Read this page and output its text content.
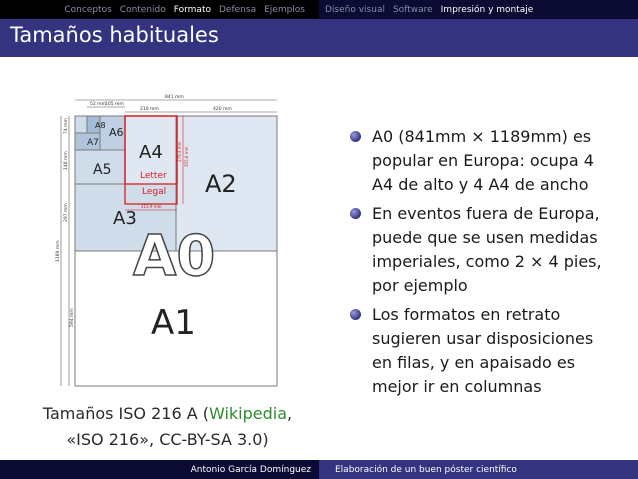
Conceptos Contenido Formato Defensa Ejemplos Diseño visual Software Impresión y montaje
Tamaños habituales
A8
A6
A7
A5
A4
Letter
Legal A2
A3
A0
A1
841 mm
52 mm 105 mm
210 mm	420 mm
1189 mm
74 mm
148 mm
297 mm
594 mm
215.9 mm
279.4 mm 355.6 mm
Tamaños ISO 216 A (Wikipedia,
«ISO 216», CC-BY-SA 3.0)
A0 (841mm × 1189mm) es popular en Europa: ocupa 4 A4 de alto y 4 A4 de ancho
En eventos fuera de Europa, puede que se usen medidas imperiales, como 2 × 4 pies, por ejemplo
Los formatos en retrato sugieren usar disposiciones en filas, y en apaisado es mejor ir en columnas
Antonio García Domínguez	Elaboración de un buen póster científico
